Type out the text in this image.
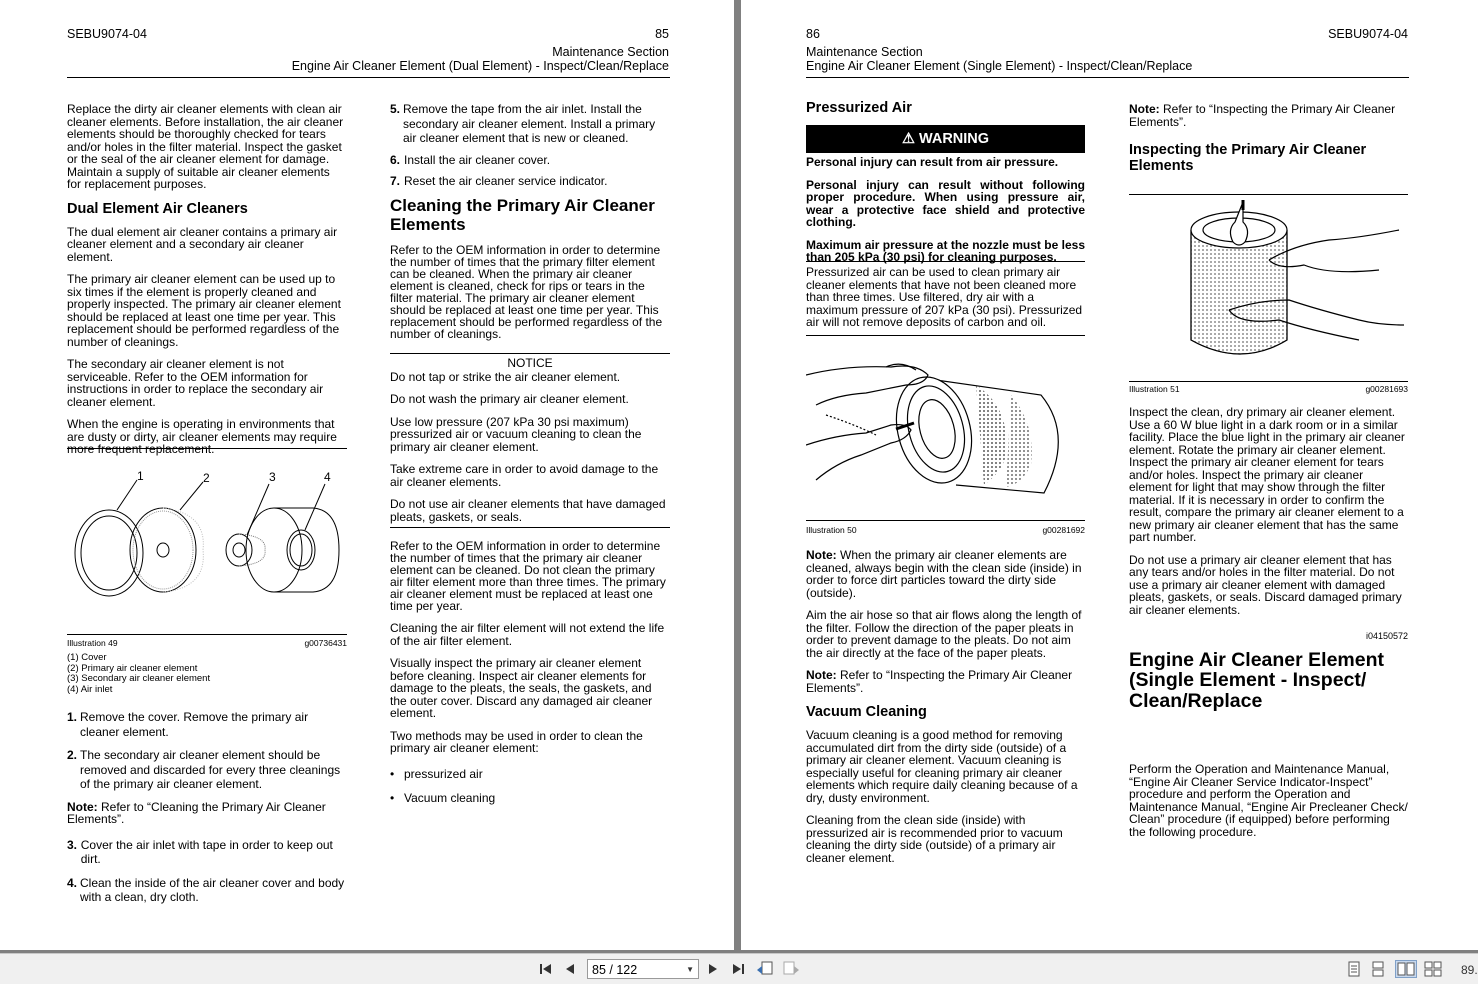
SEBU9074-04	85
Maintenance Section
Engine Air Cleaner Element (Dual Element) - Inspect/Clean/Replace

Replace the dirty air cleaner elements with clean air cleaner elements. Before installation, the air cleaner elements should be thoroughly checked for tears and/or holes in the filter material. Inspect the gasket or the seal of the air cleaner element for damage. Maintain a supply of suitable air cleaner elements for replacement purposes.

Dual Element Air Cleaners

The dual element air cleaner contains a primary air cleaner element and a secondary air cleaner element.

The primary air cleaner element can be used up to six times if the element is properly cleaned and properly inspected. The primary air cleaner element should be replaced at least one time per year. This replacement should be performed regardless of the number of cleanings.

The secondary air cleaner element is not serviceable. Refer to the OEM information for instructions in order to replace the secondary air cleaner element.

When the engine is operating in environments that are dusty or dirty, air cleaner elements may require more frequent replacement.

1	2	3	4
Illustration 49	g00736431
(1) Cover
(2) Primary air cleaner element
(3) Secondary air cleaner element
(4) Air inlet
1. Remove the cover. Remove the primary air cleaner element.
2. The secondary air cleaner element should be removed and discarded for every three cleanings of the primary air cleaner element.

Note: Refer to “Cleaning the Primary Air Cleaner Elements”.

3. Cover the air inlet with tape in order to keep out dirt.
4. Clean the inside of the air cleaner cover and body with a clean, dry cloth.
5. Remove the tape from the air inlet. Install the secondary air cleaner element. Install a primary air cleaner element that is new or cleaned.
6. Install the air cleaner cover.
7. Reset the air cleaner service indicator.
Cleaning the Primary Air Cleaner Elements

Refer to the OEM information in order to determine the number of times that the primary filter element can be cleaned. When the primary air cleaner element is cleaned, check for rips or tears in the filter material. The primary air cleaner element should be replaced at least one time per year. This replacement should be performed regardless of the number of cleanings.

NOTICE

Do not tap or strike the air cleaner element.

Do not wash the primary air cleaner element.

Use low pressure (207 kPa 30 psi maximum) pressurized air or vacuum cleaning to clean the primary air cleaner element.

Take extreme care in order to avoid damage to the air cleaner elements.

Do not use air cleaner elements that have damaged pleats, gaskets, or seals.

Refer to the OEM information in order to determine the number of times that the primary air cleaner element can be cleaned. Do not clean the primary air filter element more than three times. The primary air cleaner element must be replaced at least one time per year.

Cleaning the air filter element will not extend the life of the air filter element.

Visually inspect the primary air cleaner element before cleaning. Inspect air cleaner elements for damage to the pleats, the seals, the gaskets, and the outer cover. Discard any damaged air cleaner element.

Two methods may be used in order to clean the primary air cleaner element:

• pressurized air
• Vacuum cleaning
86	SEBU9074-04
Maintenance Section
Engine Air Cleaner Element (Single Element) - Inspect/Clean/Replace
Pressurized Air
⚠ WARNING

Personal injury can result from air pressure.

Personal injury can result without following proper procedure. When using pressure air, wear a protective face shield and protective clothing.

Maximum air pressure at the nozzle must be less than 205 kPa (30 psi) for cleaning purposes.

Pressurized air can be used to clean primary air cleaner elements that have not been cleaned more than three times. Use filtered, dry air with a maximum pressure of 207 kPa (30 psi). Pressurized air will not remove deposits of carbon and oil.

Illustration 50	g00281692

Note: When the primary air cleaner elements are cleaned, always begin with the clean side (inside) in order to force dirt particles toward the dirty side (outside).

Aim the air hose so that air flows along the length of the filter. Follow the direction of the paper pleats in order to prevent damage to the pleats. Do not aim the air directly at the face of the paper pleats.

Note: Refer to “Inspecting the Primary Air Cleaner Elements”.

Vacuum Cleaning

Vacuum cleaning is a good method for removing accumulated dirt from the dirty side (outside) of a primary air cleaner element. Vacuum cleaning is especially useful for cleaning primary air cleaner elements which require daily cleaning because of a dry, dusty environment.

Cleaning from the clean side (inside) with pressurized air is recommended prior to vacuum cleaning the dirty side (outside) of a primary air cleaner element.

Note: Refer to “Inspecting the Primary Air Cleaner Elements”.

Inspecting the Primary Air Cleaner Elements
Illustration 51	g00281693

Inspect the clean, dry primary air cleaner element. Use a 60 W blue light in a dark room or in a similar facility. Place the blue light in the primary air cleaner element. Rotate the primary air cleaner element. Inspect the primary air cleaner element for tears and/or holes. Inspect the primary air cleaner element for light that may show through the filter material. If it is necessary in order to confirm the result, compare the primary air cleaner element to a new primary air cleaner element that has the same part number.

Do not use a primary air cleaner element that has any tears and/or holes in the filter material. Do not use a primary air cleaner element with damaged pleats, gaskets, or seals. Discard damaged primary air cleaner elements.

i04150572
Engine Air Cleaner Element (Single Element - Inspect/ Clean/Replace

Perform the Operation and Maintenance Manual, “Engine Air Cleaner Service Indicator-Inspect” procedure and perform the Operation and Maintenance Manual, “Engine Air Precleaner Check/ Clean” procedure (if equipped) before performing the following procedure.

85 / 122	▼	89.
